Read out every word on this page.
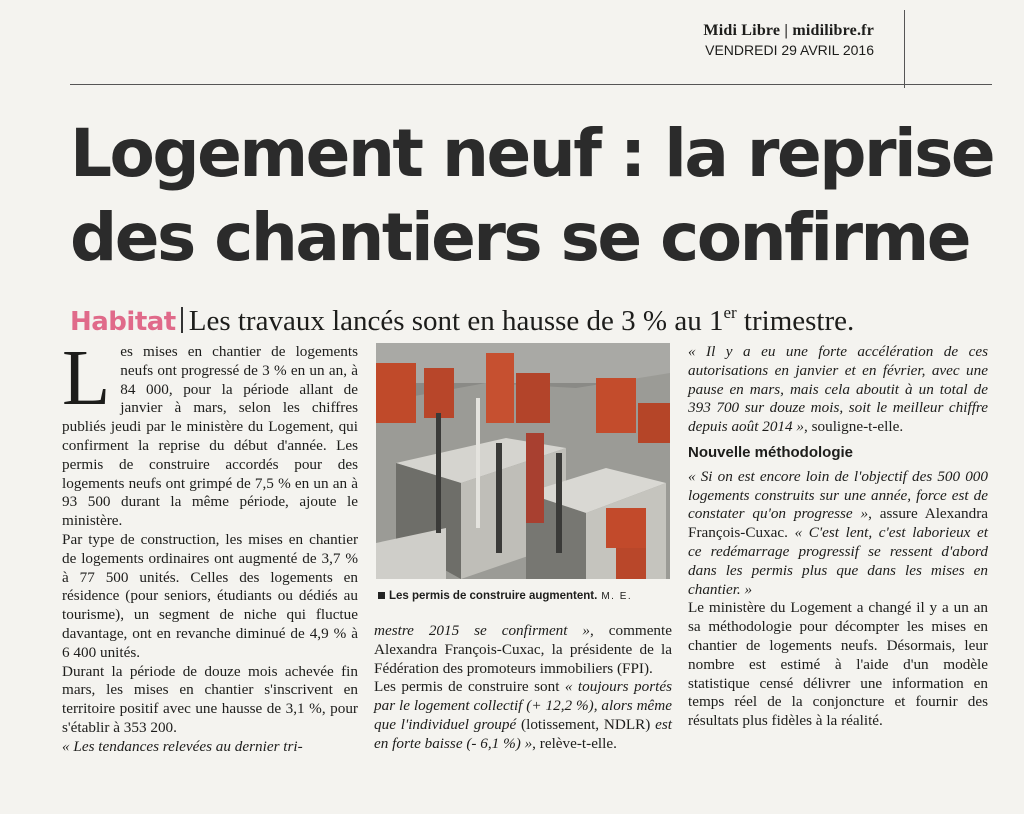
Midi Libre | midilibre.fr
VENDREDI 29 AVRIL 2016
Logement neuf : la reprise
des chantiers se confirme
Habitat Les travaux lancés sont en hausse de 3 % au 1er trimestre.
L es mises en chantier de logements neufs ont progressé de 3 % en un an, à 84 000, pour la période allant de janvier à mars, selon les chiffres publiés jeudi par le ministère du Logement, qui confirment la reprise du début d'année. Les permis de construire accordés pour des logements neufs ont grimpé de 7,5 % en un an à 93 500 durant la même période, ajoute le ministère.

Par type de construction, les mises en chantier de logements ordinaires ont augmenté de 3,7 % à 77 500 unités. Celles des logements en résidence (pour seniors, étudiants ou dédiés au tourisme), un segment de niche qui fluctue davantage, ont en revanche diminué de 4,9 % à 6 400 unités.

Durant la période de douze mois achevée fin mars, les mises en chantier s'inscrivent en territoire positif avec une hausse de 3,1 %, pour s'établir à 353 200.

« Les tendances relevées au dernier tri-

Les permis de construire augmentent. M. E.

mestre 2015 se confirment », commente Alexandra François-Cuxac, la présidente de la Fédération des promoteurs immobiliers (FPI).

Les permis de construire sont « toujours portés par le logement collectif (+ 12,2 %), alors même que l'individuel groupé (lotissement, NDLR) est en forte baisse (- 6,1 %) », relève-t-elle.

« Il y a eu une forte accélération de ces autorisations en janvier et en février, avec une pause en mars, mais cela aboutit à un total de 393 700 sur douze mois, soit le meilleur chiffre depuis août 2014 », souligne-t-elle.

Nouvelle méthodologie

« Si on est encore loin de l'objectif des 500 000 logements construits sur une année, force est de constater qu'on progresse », assure Alexandra François-Cuxac. « C'est lent, c'est laborieux et ce redémarrage progressif se ressent d'abord dans les permis plus que dans les mises en chantier. »

Le ministère du Logement a changé il y a un an sa méthodologie pour décompter les mises en chantier de logements neufs. Désormais, leur nombre est estimé à l'aide d'un modèle statistique censé délivrer une information en temps réel de la conjoncture et fournir des résultats plus fidèles à la réalité.
